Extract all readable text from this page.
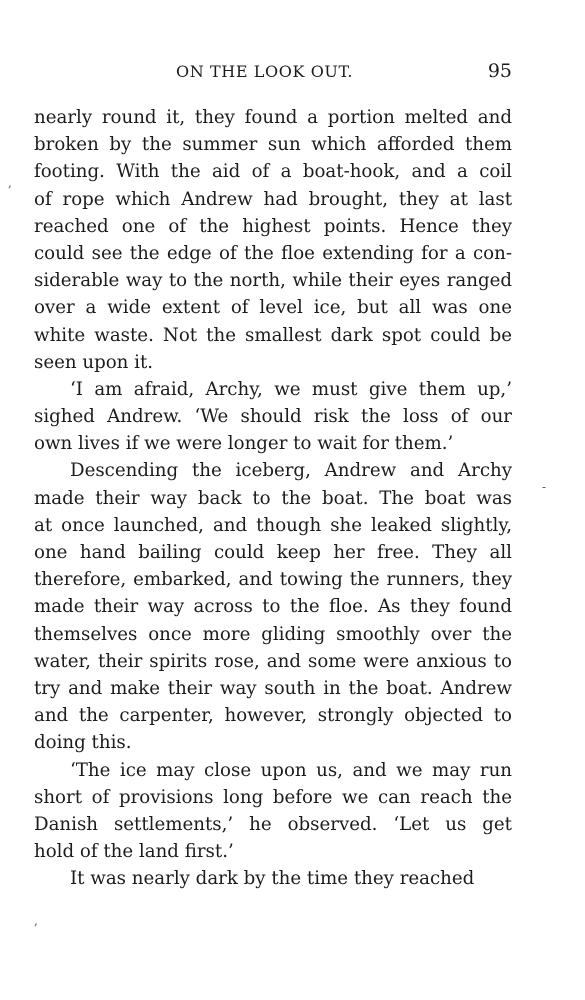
ON THE LOOK OUT.	95
nearly round it, they found a portion melted and
broken by the summer sun which afforded them
footing. With the aid of a boat-hook, and a coil
of rope which Andrew had brought, they at last
reached one of the highest points. Hence they
could see the edge of the floe extending for a con-
siderable way to the north, while their eyes ranged
over a wide extent of level ice, but all was one
white waste. Not the smallest dark spot could be
seen upon it.
‘I am afraid, Archy, we must give them up,’
sighed Andrew. ‘We should risk the loss of our
own lives if we were longer to wait for them.’
Descending the iceberg, Andrew and Archy
made their way back to the boat. The boat was
at once launched, and though she leaked slightly,
one hand bailing could keep her free. They all
therefore, embarked, and towing the runners, they
made their way across to the floe. As they found
themselves once more gliding smoothly over the
water, their spirits rose, and some were anxious to
try and make their way south in the boat. Andrew
and the carpenter, however, strongly objected to
doing this.
‘The ice may close upon us, and we may run
short of provisions long before we can reach the
Danish settlements,’ he observed. ‘Let us get
hold of the land first.’
It was nearly dark by the time they reached
,
-
,
